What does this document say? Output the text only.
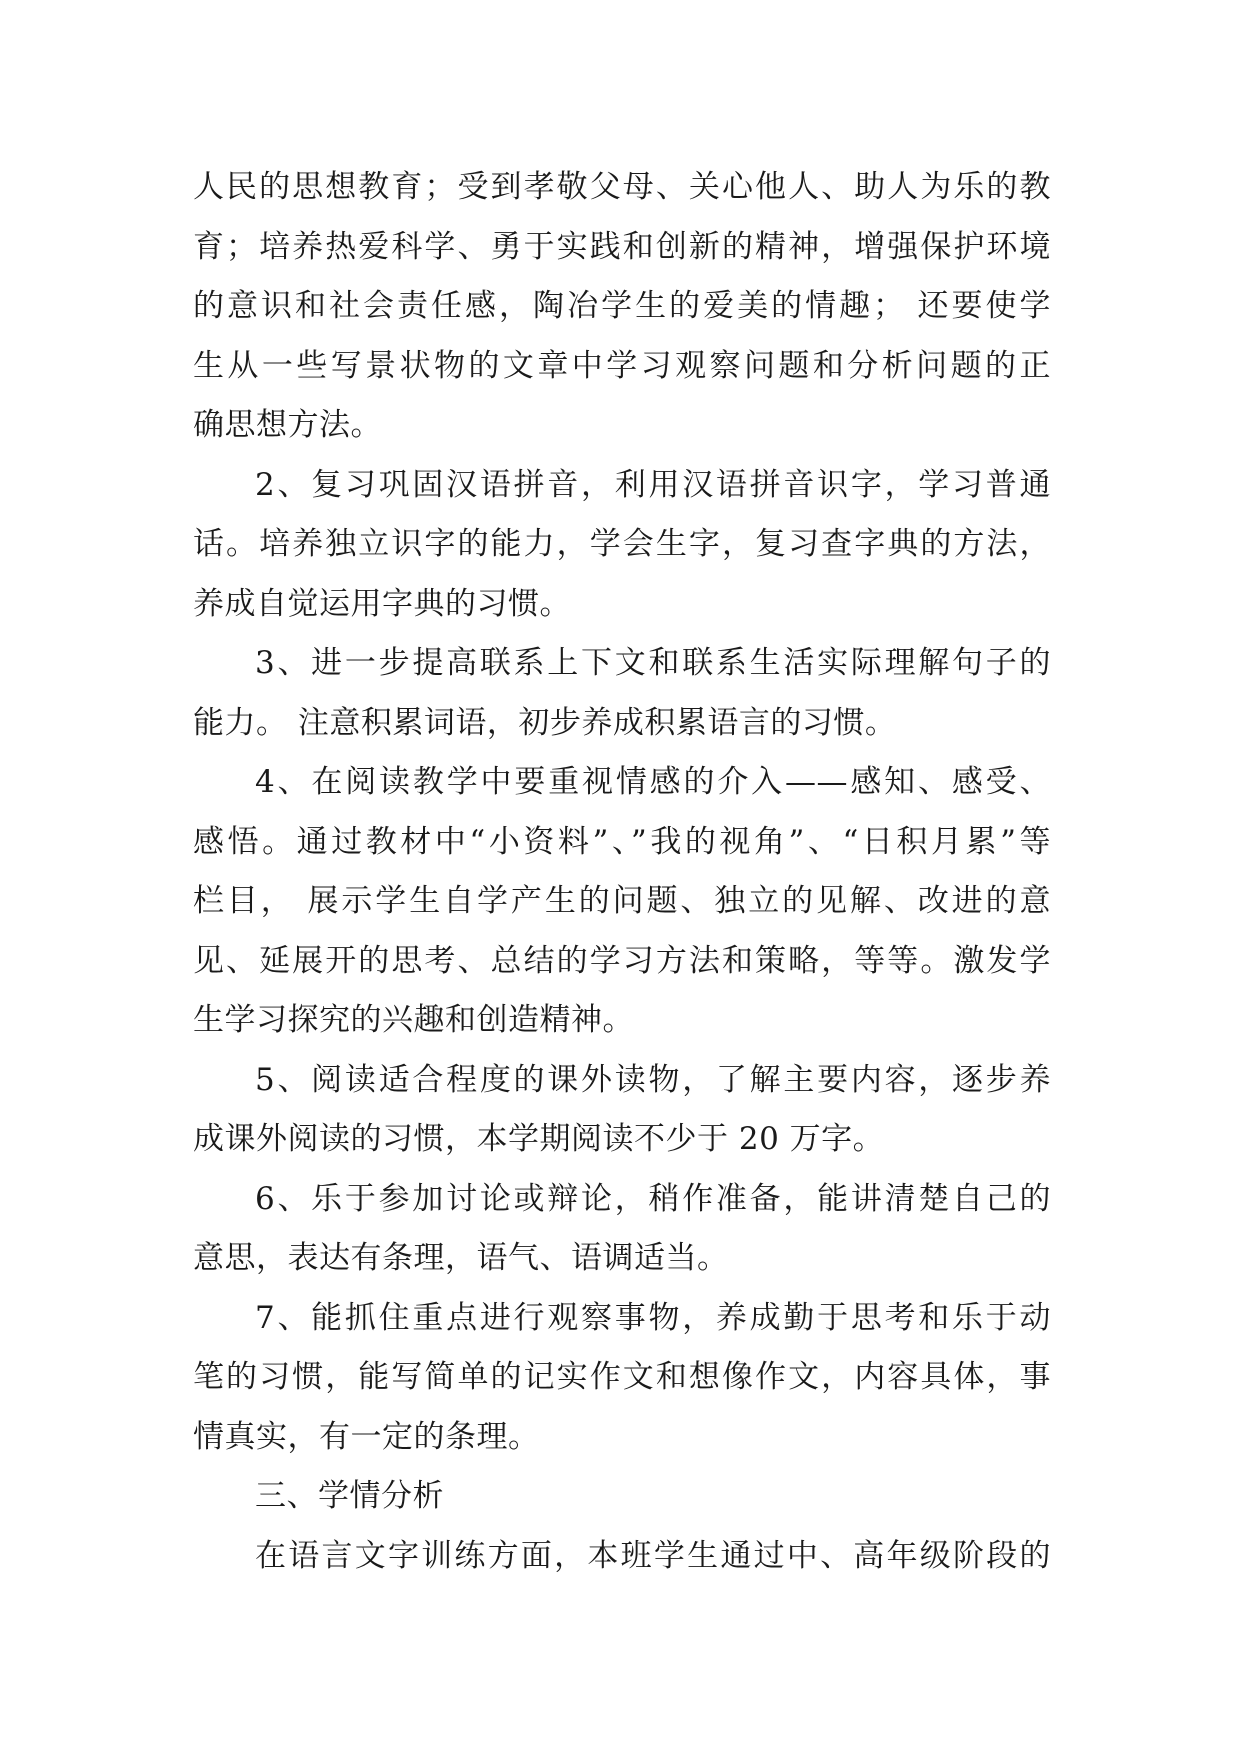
人民的思想教育；受到孝敬父母、关心他人、助人为乐的教
育；培养热爱科学、勇于实践和创新的精神，增强保护环境
的意识和社会责任感，陶冶学生的爱美的情趣； 还要使学
生从一些写景状物的文章中学习观察问题和分析问题的正
确思想方法。
2、复习巩固汉语拼音，利用汉语拼音识字，学习普通
话。培养独立识字的能力，学会生字，复习查字典的方法，
养成自觉运用字典的习惯。
3、进一步提高联系上下文和联系生活实际理解句子的
能力。 注意积累词语，初步养成积累语言的习惯。
4、在阅读教学中要重视情感的介入——感知、感受、
感悟。通过教材中“小资料”、”我的视角”、“日积月累”等
栏目， 展示学生自学产生的问题、独立的见解、改进的意
见、延展开的思考、总结的学习方法和策略，等等。激发学
生学习探究的兴趣和创造精神。
5、阅读适合程度的课外读物，了解主要内容，逐步养
成课外阅读的习惯，本学期阅读不少于 20 万字。
6、乐于参加讨论或辩论，稍作准备，能讲清楚自己的
意思，表达有条理，语气、语调适当。
7、能抓住重点进行观察事物，养成勤于思考和乐于动
笔的习惯，能写简单的记实作文和想像作文，内容具体，事
情真实，有一定的条理。
三、学情分析
在语言文字训练方面，本班学生通过中、高年级阶段的
